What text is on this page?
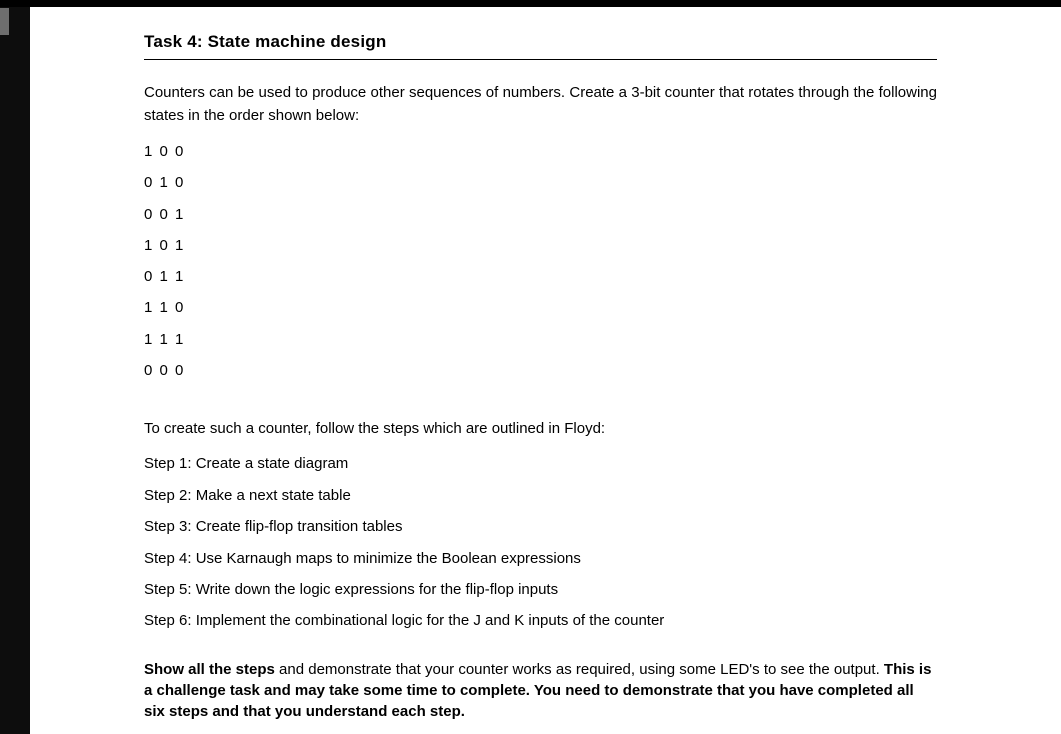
Task 4: State machine design

Counters can be used to produce other sequences of numbers. Create a 3-bit counter that rotates through the following states in the order shown below:

1 0 0
0 1 0
0 0 1
1 0 1
0 1 1
1 1 0
1 1 1
0 0 0

To create such a counter, follow the steps which are outlined in Floyd:

Step 1: Create a state diagram
Step 2: Make a next state table
Step 3: Create flip-flop transition tables
Step 4: Use Karnaugh maps to minimize the Boolean expressions
Step 5: Write down the logic expressions for the flip-flop inputs
Step 6: Implement the combinational logic for the J and K inputs of the counter

Show all the steps and demonstrate that your counter works as required, using some LED's to see the output. This is a challenge task and may take some time to complete. You need to demonstrate that you have completed all six steps and that you understand each step.
